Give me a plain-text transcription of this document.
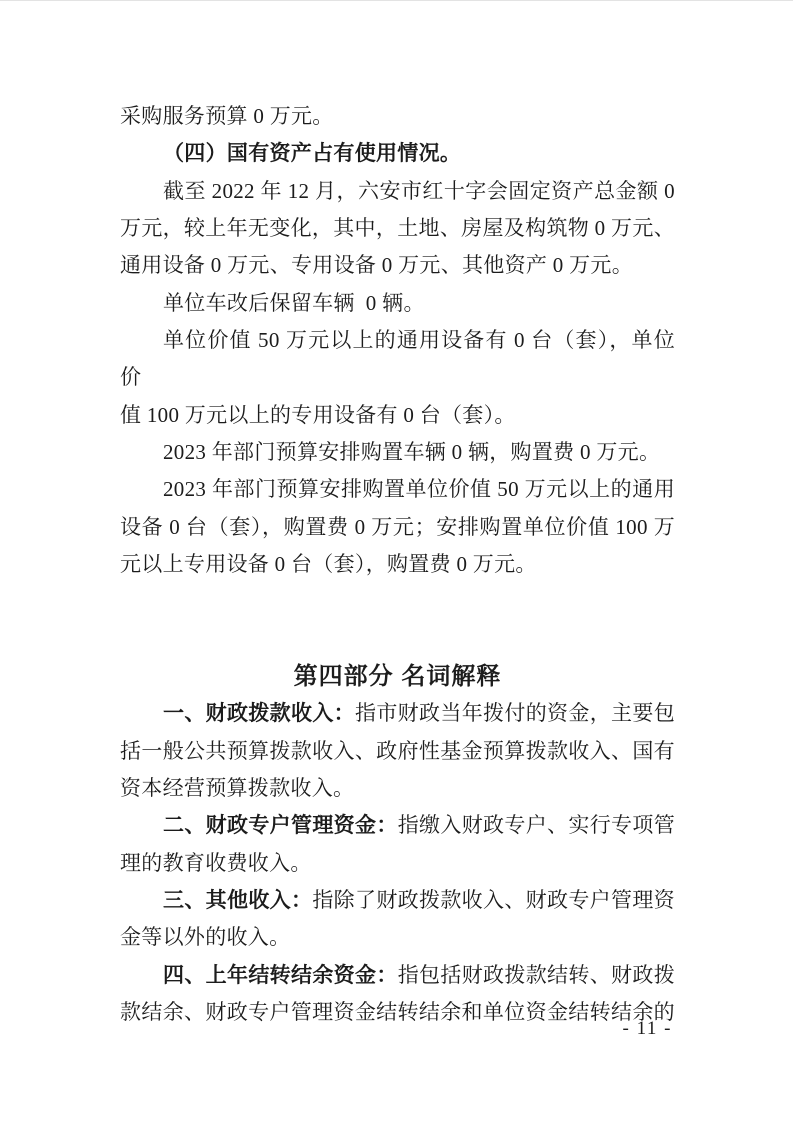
采购服务预算 0 万元。
（四）国有资产占有使用情况。
截至 2022 年 12 月，六安市红十字会固定资产总金额 0
万元，较上年无变化，其中，土地、房屋及构筑物 0 万元、
通用设备 0 万元、专用设备 0 万元、其他资产 0 万元。
单位车改后保留车辆  0 辆。
单位价值 50 万元以上的通用设备有 0 台（套），单位价
值 100 万元以上的专用设备有 0 台（套）。
2023 年部门预算安排购置车辆 0 辆，购置费 0 万元。
2023 年部门预算安排购置单位价值 50 万元以上的通用
设备 0 台（套），购置费 0 万元；安排购置单位价值 100 万
元以上专用设备 0 台（套），购置费 0 万元。
第四部分 名词解释
一、财政拨款收入：指市财政当年拨付的资金，主要包
括一般公共预算拨款收入、政府性基金预算拨款收入、国有
资本经营预算拨款收入。
二、财政专户管理资金：指缴入财政专户、实行专项管
理的教育收费收入。
三、其他收入：指除了财政拨款收入、财政专户管理资
金等以外的收入。
四、上年结转结余资金：指包括财政拨款结转、财政拨
款结余、财政专户管理资金结转结余和单位资金结转结余的
- 11 -
